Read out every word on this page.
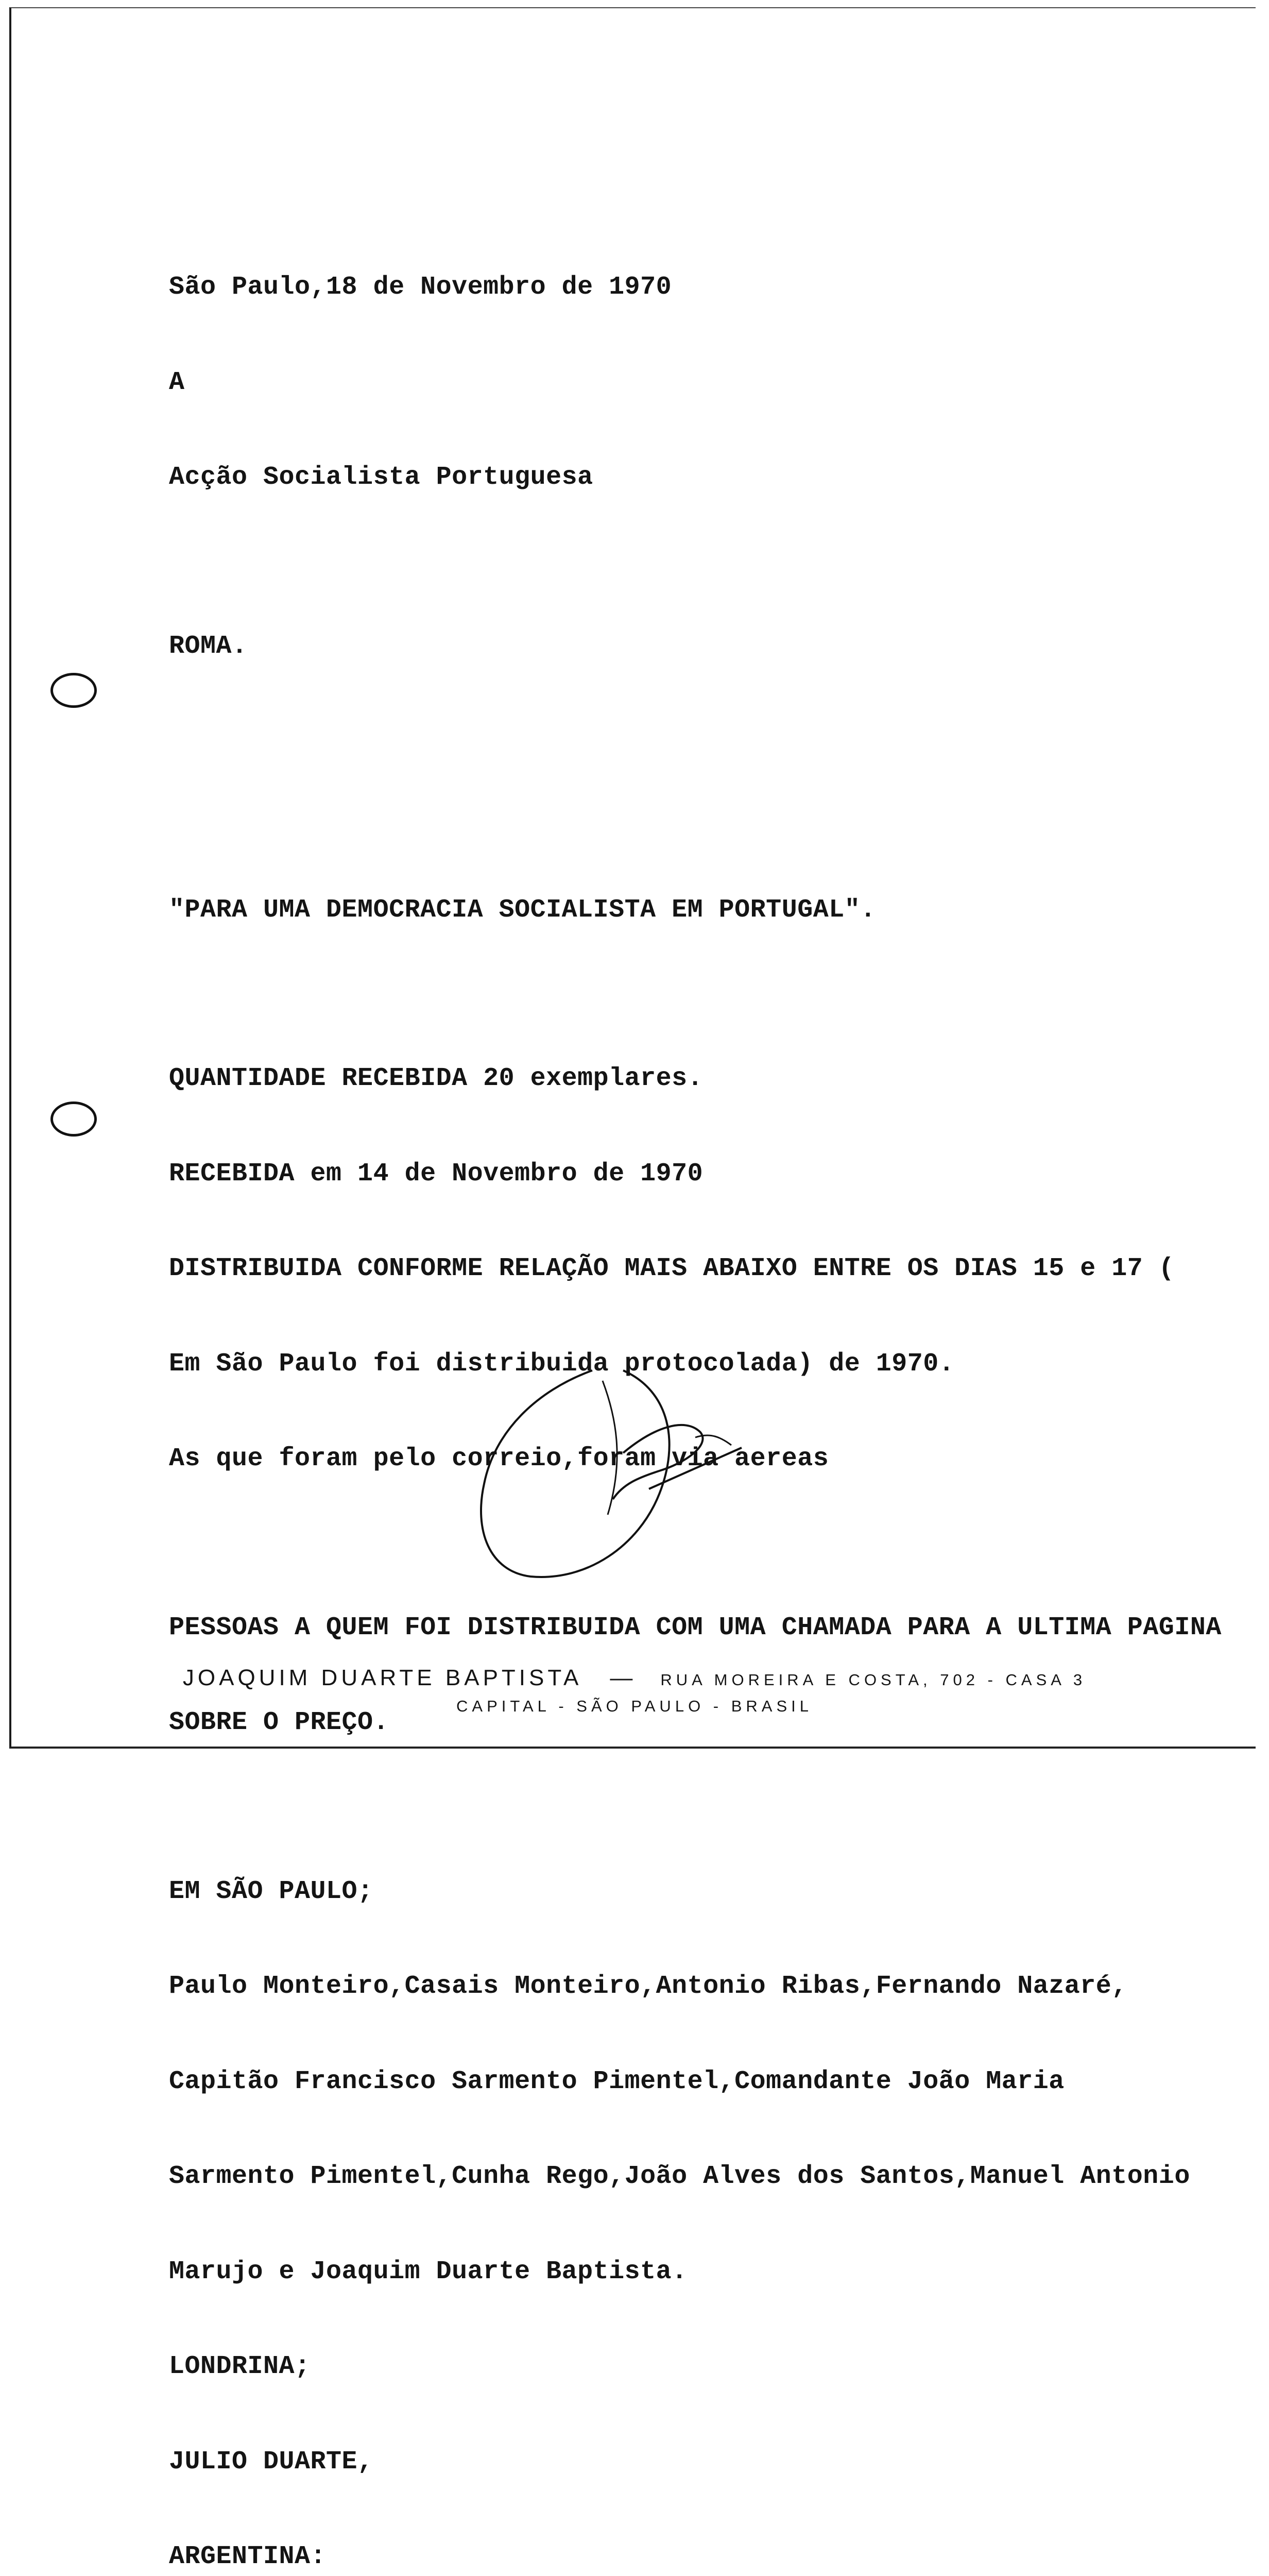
São Paulo,18 de Novembro de 1970

A

Acção Socialista Portuguesa

ROMA.

"PARA UMA DEMOCRACIA SOCIALISTA EM PORTUGAL".

QUANTIDADE RECEBIDA 20 exemplares.

RECEBIDA em 14 de Novembro de 1970

DISTRIBUIDA CONFORME RELAÇÃO MAIS ABAIXO ENTRE OS DIAS 15 e 17 (

Em São Paulo foi distribuida protocolada) de 1970.

As que foram pelo correio,foram via aereas

PESSOAS A QUEM FOI DISTRIBUIDA COM UMA CHAMADA PARA A ULTIMA PAGINA

SOBRE O PREÇO.

EM SÃO PAULO;

Paulo Monteiro,Casais Monteiro,Antonio Ribas,Fernando Nazaré,

Capitão Francisco Sarmento Pimentel,Comandante João Maria

Sarmento Pimentel,Cunha Rego,João Alves dos Santos,Manuel Antonio

Marujo e Joaquim Duarte Baptista.

LONDRINA;

JULIO DUARTE,

ARGENTINA:

JOAQUIM DUARTE BAPTISTA — RUA MOREIRA E COSTA, 702 - CASA 3
CAPITAL - SÃO PAULO - BRASIL
